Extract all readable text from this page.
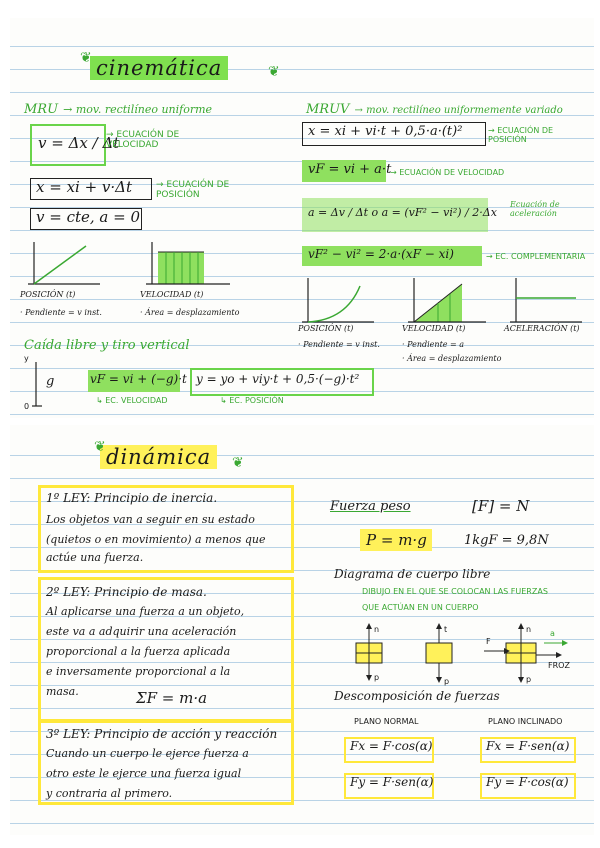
cinemática
❦
❦
MRU → mov. rectilíneo uniforme
v = Δx / Δt
→ ECUACIÓN DE VELOCIDAD
x = xi + v·Δt	→ ECUACIÓN DE POSICIÓN
v = cte, a = 0
POSICIÓN (t)
· Pendiente = v inst.
VELOCIDAD (t)
· Área = desplazamiento
MRUV → mov. rectilíneo uniformemente variado
x = xi + vi·t + 0,5·a·(t)²	→ ECUACIÓN DE POSICIÓN
vF = vi + a·t
→ ECUACIÓN DE VELOCIDAD
a = Δv / Δt o a = (vF² − vi²) / 2·Δx
Ecuación de aceleración
vF² − vi² = 2·a·(xF − xi)	→ EC. COMPLEMENTARIA
POSICIÓN (t)
· Pendiente = v inst.
VELOCIDAD (t)
· Pendiente = a
· Área = desplazamiento
ACELERACIÓN (t)
Caída libre y tiro vertical
y
0
g	vF = vi + (−g)·t
↳ EC. VELOCIDAD
y = yo + viy·t + 0,5·(−g)·t²
↳ EC. POSICIÓN
dinámica
❦
❦
1º LEY: Principio de inercia.
Los objetos van a seguir en su estado
(quietos o en movimiento) a menos que
actúe una fuerza.
2º LEY: Principio de masa.
Al aplicarse una fuerza a un objeto,
este va a adquirir una aceleración
proporcional a la fuerza aplicada
e inversamente proporcional a la
masa.	ΣF = m·a
3º LEY: Principio de acción y reacción
Cuando un cuerpo le ejerce fuerza a
otro este le ejerce una fuerza igual
y contraria al primero.
Fuerza peso	[F] = N
P = m·g	1kgF = 9,8N
Diagrama de cuerpo libre
DIBUJO EN EL QUE SE COLOCAN LAS FUERZAS
QUE ACTÚAN EN UN CUERPO
n
p
t
p
F
n a
p
FROZ
Descomposición de fuerzas
PLANO NORMAL	PLANO INCLINADO
Fx = F·cos(α)	Fx = F·sen(α)
Fy = F·sen(α)	Fy = F·cos(α)
